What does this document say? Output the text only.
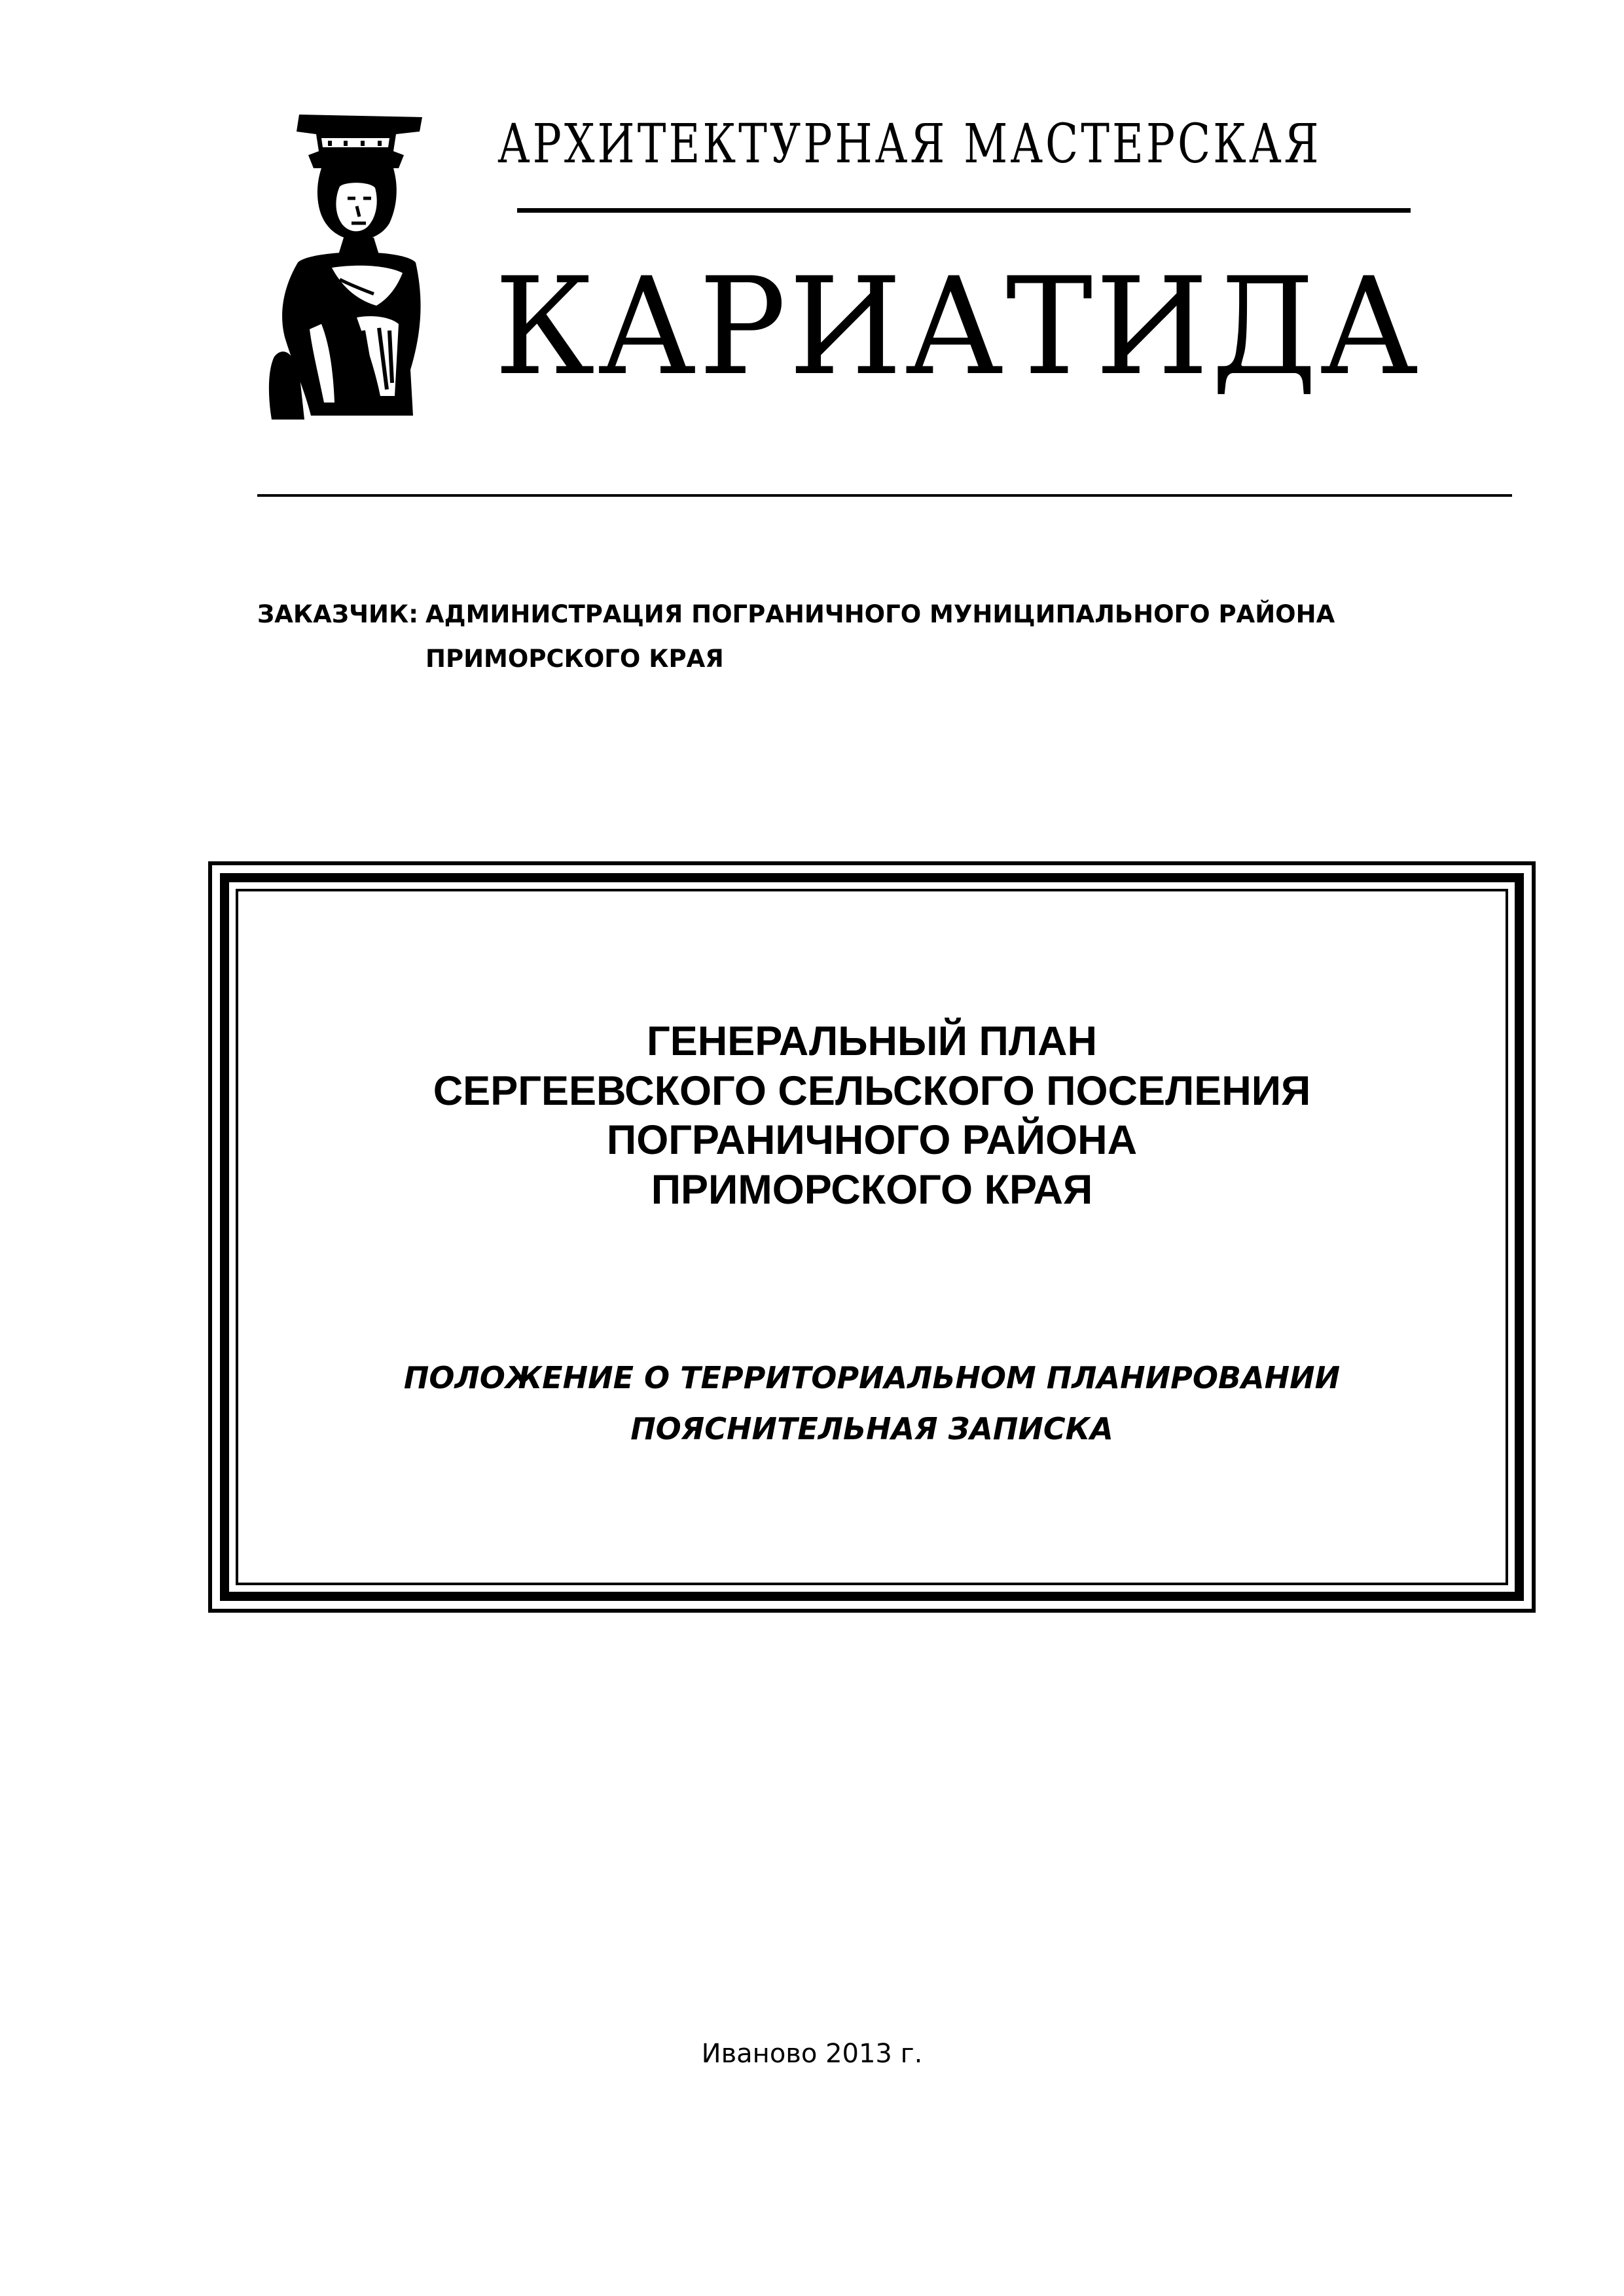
АРХИТЕКТУРНАЯ МАСТЕРСКАЯ
КАРИАТИДА
ЗАКАЗЧИК: АДМИНИСТРАЦИЯ ПОГРАНИЧНОГО МУНИЦИПАЛЬНОГО РАЙОНА
ПРИМОРСКОГО КРАЯ
ГЕНЕРАЛЬНЫЙ ПЛАН
СЕРГЕЕВСКОГО СЕЛЬСКОГО ПОСЕЛЕНИЯ
ПОГРАНИЧНОГО РАЙОНА
ПРИМОРСКОГО КРАЯ
ПОЛОЖЕНИЕ О ТЕРРИТОРИАЛЬНОМ ПЛАНИРОВАНИИ
ПОЯСНИТЕЛЬНАЯ ЗАПИСКА
Иваново 2013 г.
